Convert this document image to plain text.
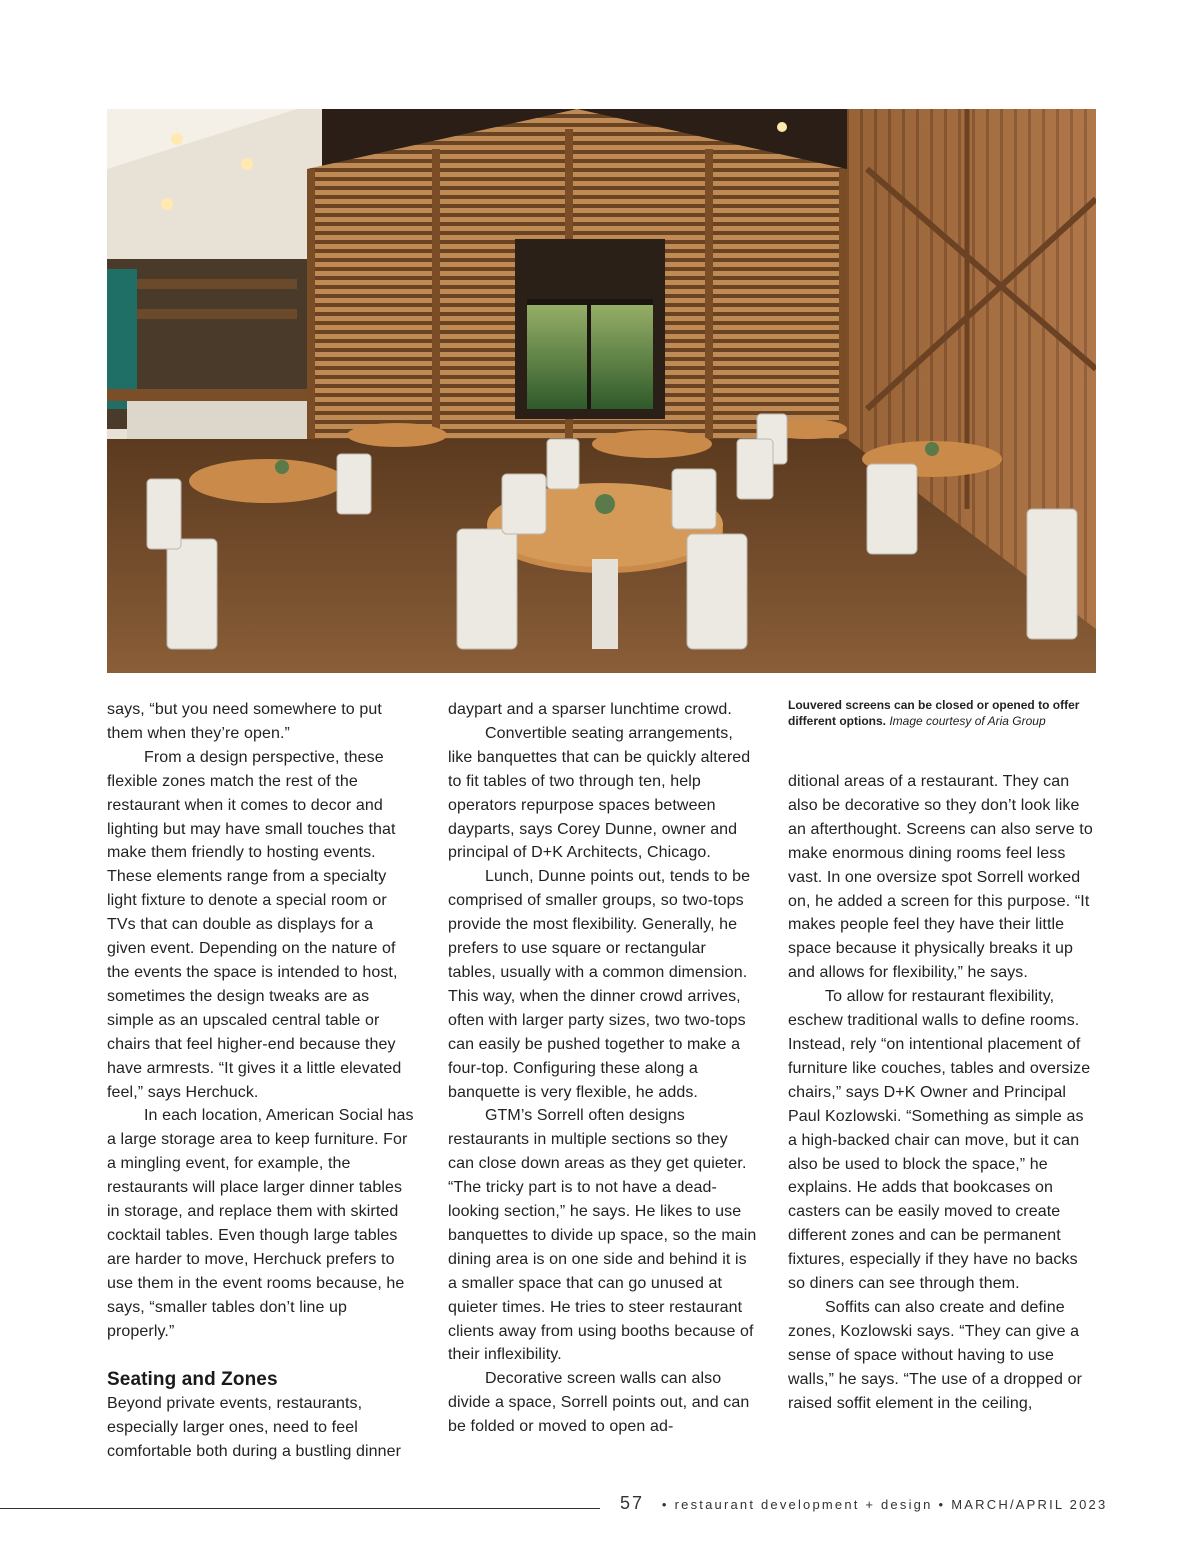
Louvered screens can be closed or opened to offer different options. Image courtesy of Aria Group

says, “but you need somewhere to put them when they’re open.”

From a design perspective, these flexible zones match the rest of the restaurant when it comes to decor and lighting but may have small touches that make them friendly to hosting events. These elements range from a specialty light fixture to denote a special room or TVs that can double as displays for a given event. Depending on the nature of the events the space is intended to host, sometimes the design tweaks are as simple as an upscaled central table or chairs that feel higher-end because they have armrests. “It gives it a little elevated feel,” says Herchuck.

In each location, American Social has a large storage area to keep furniture. For a mingling event, for example, the restaurants will place larger dinner tables in storage, and replace them with skirted cocktail tables. Even though large tables are harder to move, Herchuck prefers to use them in the event rooms because, he says, “smaller tables don’t line up properly.”

Seating and Zones

Beyond private events, restaurants, especially larger ones, need to feel comfortable both during a bustling dinner

daypart and a sparser lunchtime crowd.

Convertible seating arrangements, like banquettes that can be quickly altered to fit tables of two through ten, help operators repurpose spaces between dayparts, says Corey Dunne, owner and principal of D+K Architects, Chicago.

Lunch, Dunne points out, tends to be comprised of smaller groups, so two-tops provide the most flexibility. Generally, he prefers to use square or rectangular tables, usually with a common dimension. This way, when the dinner crowd arrives, often with larger party sizes, two two-tops can easily be pushed together to make a four-top. Configuring these along a banquette is very flexible, he adds.

GTM’s Sorrell often designs restaurants in multiple sections so they can close down areas as they get quieter. “The tricky part is to not have a dead-looking section,” he says. He likes to use banquettes to divide up space, so the main dining area is on one side and behind it is a smaller space that can go unused at quieter times. He tries to steer restaurant clients away from using booths because of their inflexibility.

Decorative screen walls can also divide a space, Sorrell points out, and can be folded or moved to open ad-

ditional areas of a restaurant. They can also be decorative so they don’t look like an afterthought. Screens can also serve to make enormous dining rooms feel less vast. In one oversize spot Sorrell worked on, he added a screen for this purpose. “It makes people feel they have their little space because it physically breaks it up and allows for flexibility,” he says.

To allow for restaurant flexibility, eschew traditional walls to define rooms. Instead, rely “on intentional placement of furniture like couches, tables and oversize chairs,” says D+K Owner and Principal Paul Kozlowski. “Something as simple as a high-backed chair can move, but it can also be used to block the space,” he explains. He adds that bookcases on casters can be easily moved to create different zones and can be permanent fixtures, especially if they have no backs so diners can see through them.

Soffits can also create and define zones, Kozlowski says. “They can give a sense of space without having to use walls,” he says. “The use of a dropped or raised soffit element in the ceiling,

57 • restaurant development + design • MARCH/APRIL 2023
